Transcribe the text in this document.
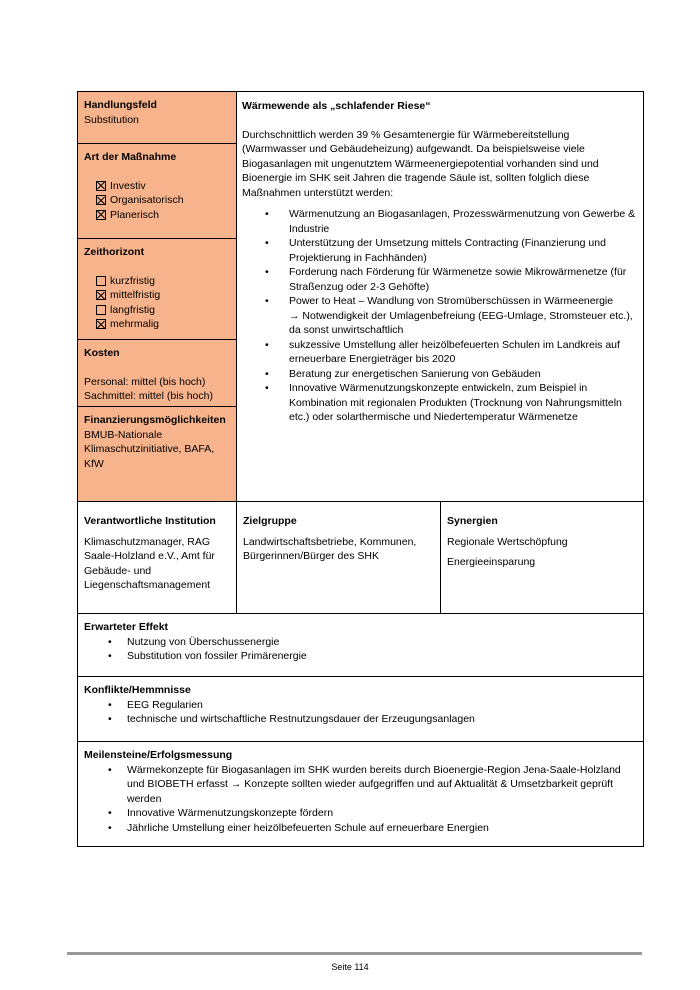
Handlungsfeld
Substitution
Art der Maßnahme
Investiv
Organisatorisch
Planerisch
Zeithorizont
kurzfristig
mittelfristig
langfristig
mehrmalig
Kosten
Personal: mittel (bis hoch)
Sachmittel: mittel (bis hoch)
Finanzierungsmöglichkeiten
BMUB-Nationale Klimaschutzinitiative, BAFA, KfW
Wärmewende als „schlafender Riese“
Durchschnittlich werden 39 % Gesamtenergie für Wärmebereitstellung (Warmwasser und Gebäudeheizung) aufgewandt. Da beispielsweise viele Biogasanlagen mit ungenutztem Wärmeenergiepotential vorhanden sind und Bioenergie im SHK seit Jahren die tragende Säule ist, sollten folglich diese Maßnahmen unterstützt werden:
• Wärmenutzung an Biogasanlagen, Prozesswärmenutzung von Gewerbe & Industrie
• Unterstützung der Umsetzung mittels Contracting (Finanzierung und Projektierung in Fachhänden)
• Forderung nach Förderung für Wärmenetze sowie Mikrowärmenetze (für Straßenzug oder 2-3 Gehöfte)
• Power to Heat – Wandlung von Stromüberschüssen in Wärmeenergie
→ Notwendigkeit der Umlagenbefreiung (EEG-Umlage, Stromsteuer etc.),
da sonst unwirtschaftlich
• sukzessive Umstellung aller heizölbefeuerten Schulen im Landkreis auf erneuerbare Energieträger bis 2020
• Beratung zur energetischen Sanierung von Gebäuden
• Innovative Wärmenutzungskonzepte entwickeln, zum Beispiel in Kombination mit regionalen Produkten (Trocknung von Nahrungsmitteln etc.) oder solarthermische und Niedertemperatur Wärmenetze
Verantwortliche Institution
Klimaschutzmanager, RAG Saale-Holzland e.V., Amt für Gebäude- und Liegenschaftsmanagement
Zielgruppe
Landwirtschaftsbetriebe, Kommunen, Bürgerinnen/Bürger des SHK
Synergien
Regionale Wertschöpfung
Energieeinsparung
Erwarteter Effekt
• Nutzung von Überschussenergie
• Substitution von fossiler Primärenergie
Konflikte/Hemmnisse
• EEG Regularien
• technische und wirtschaftliche Restnutzungsdauer der Erzeugungsanlagen
Meilensteine/Erfolgsmessung
• Wärmekonzepte für Biogasanlagen im SHK wurden bereits durch Bioenergie-Region Jena-Saale-Holzland und BIOBETH erfasst → Konzepte sollten wieder aufgegriffen und auf Aktualität & Umsetzbarkeit geprüft werden
• Innovative Wärmenutzungskonzepte fördern
• Jährliche Umstellung einer heizölbefeuerten Schule auf erneuerbare Energien
Seite 114
